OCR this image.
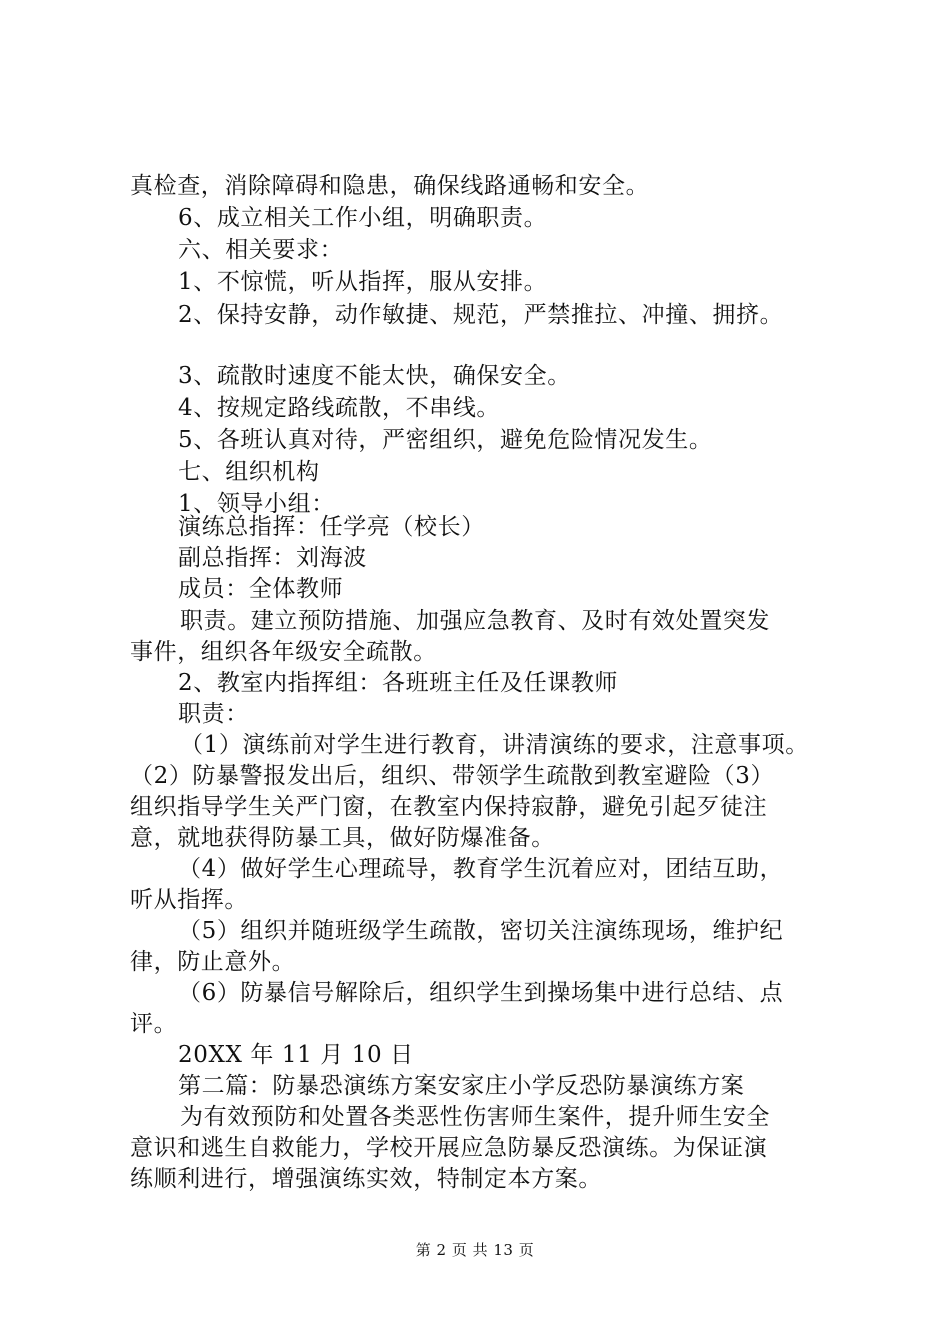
真检查，消除障碍和隐患，确保线路通畅和安全。
6、成立相关工作小组，明确职责。
六、相关要求：
1、不惊慌，听从指挥，服从安排。
2、保持安静，动作敏捷、规范，严禁推拉、冲撞、拥挤。
3、疏散时速度不能太快，确保安全。
4、按规定路线疏散，不串线。
5、各班认真对待，严密组织，避免危险情况发生。
七、组织机构
1、领导小组：
演练总指挥：任学亮（校长）
副总指挥：刘海波
成员：全体教师
职责。建立预防措施、加强应急教育、及时有效处置突发
事件，组织各年级安全疏散。
2、教室内指挥组：各班班主任及任课教师
职责：
（1）演练前对学生进行教育，讲清演练的要求，注意事项。
（2）防暴警报发出后，组织、带领学生疏散到教室避险（3）
组织指导学生关严门窗，在教室内保持寂静，避免引起歹徒注
意，就地获得防暴工具，做好防爆准备。
（4）做好学生心理疏导，教育学生沉着应对，团结互助，
听从指挥。
（5）组织并随班级学生疏散，密切关注演练现场，维护纪
律，防止意外。
（6）防暴信号解除后，组织学生到操场集中进行总结、点
评。
20XX 年 11 月 10 日
第二篇：防暴恐演练方案安家庄小学反恐防暴演练方案
为有效预防和处置各类恶性伤害师生案件，提升师生安全
意识和逃生自救能力，学校开展应急防暴反恐演练。为保证演
练顺利进行，增强演练实效，特制定本方案。
第 2 页 共 13 页
